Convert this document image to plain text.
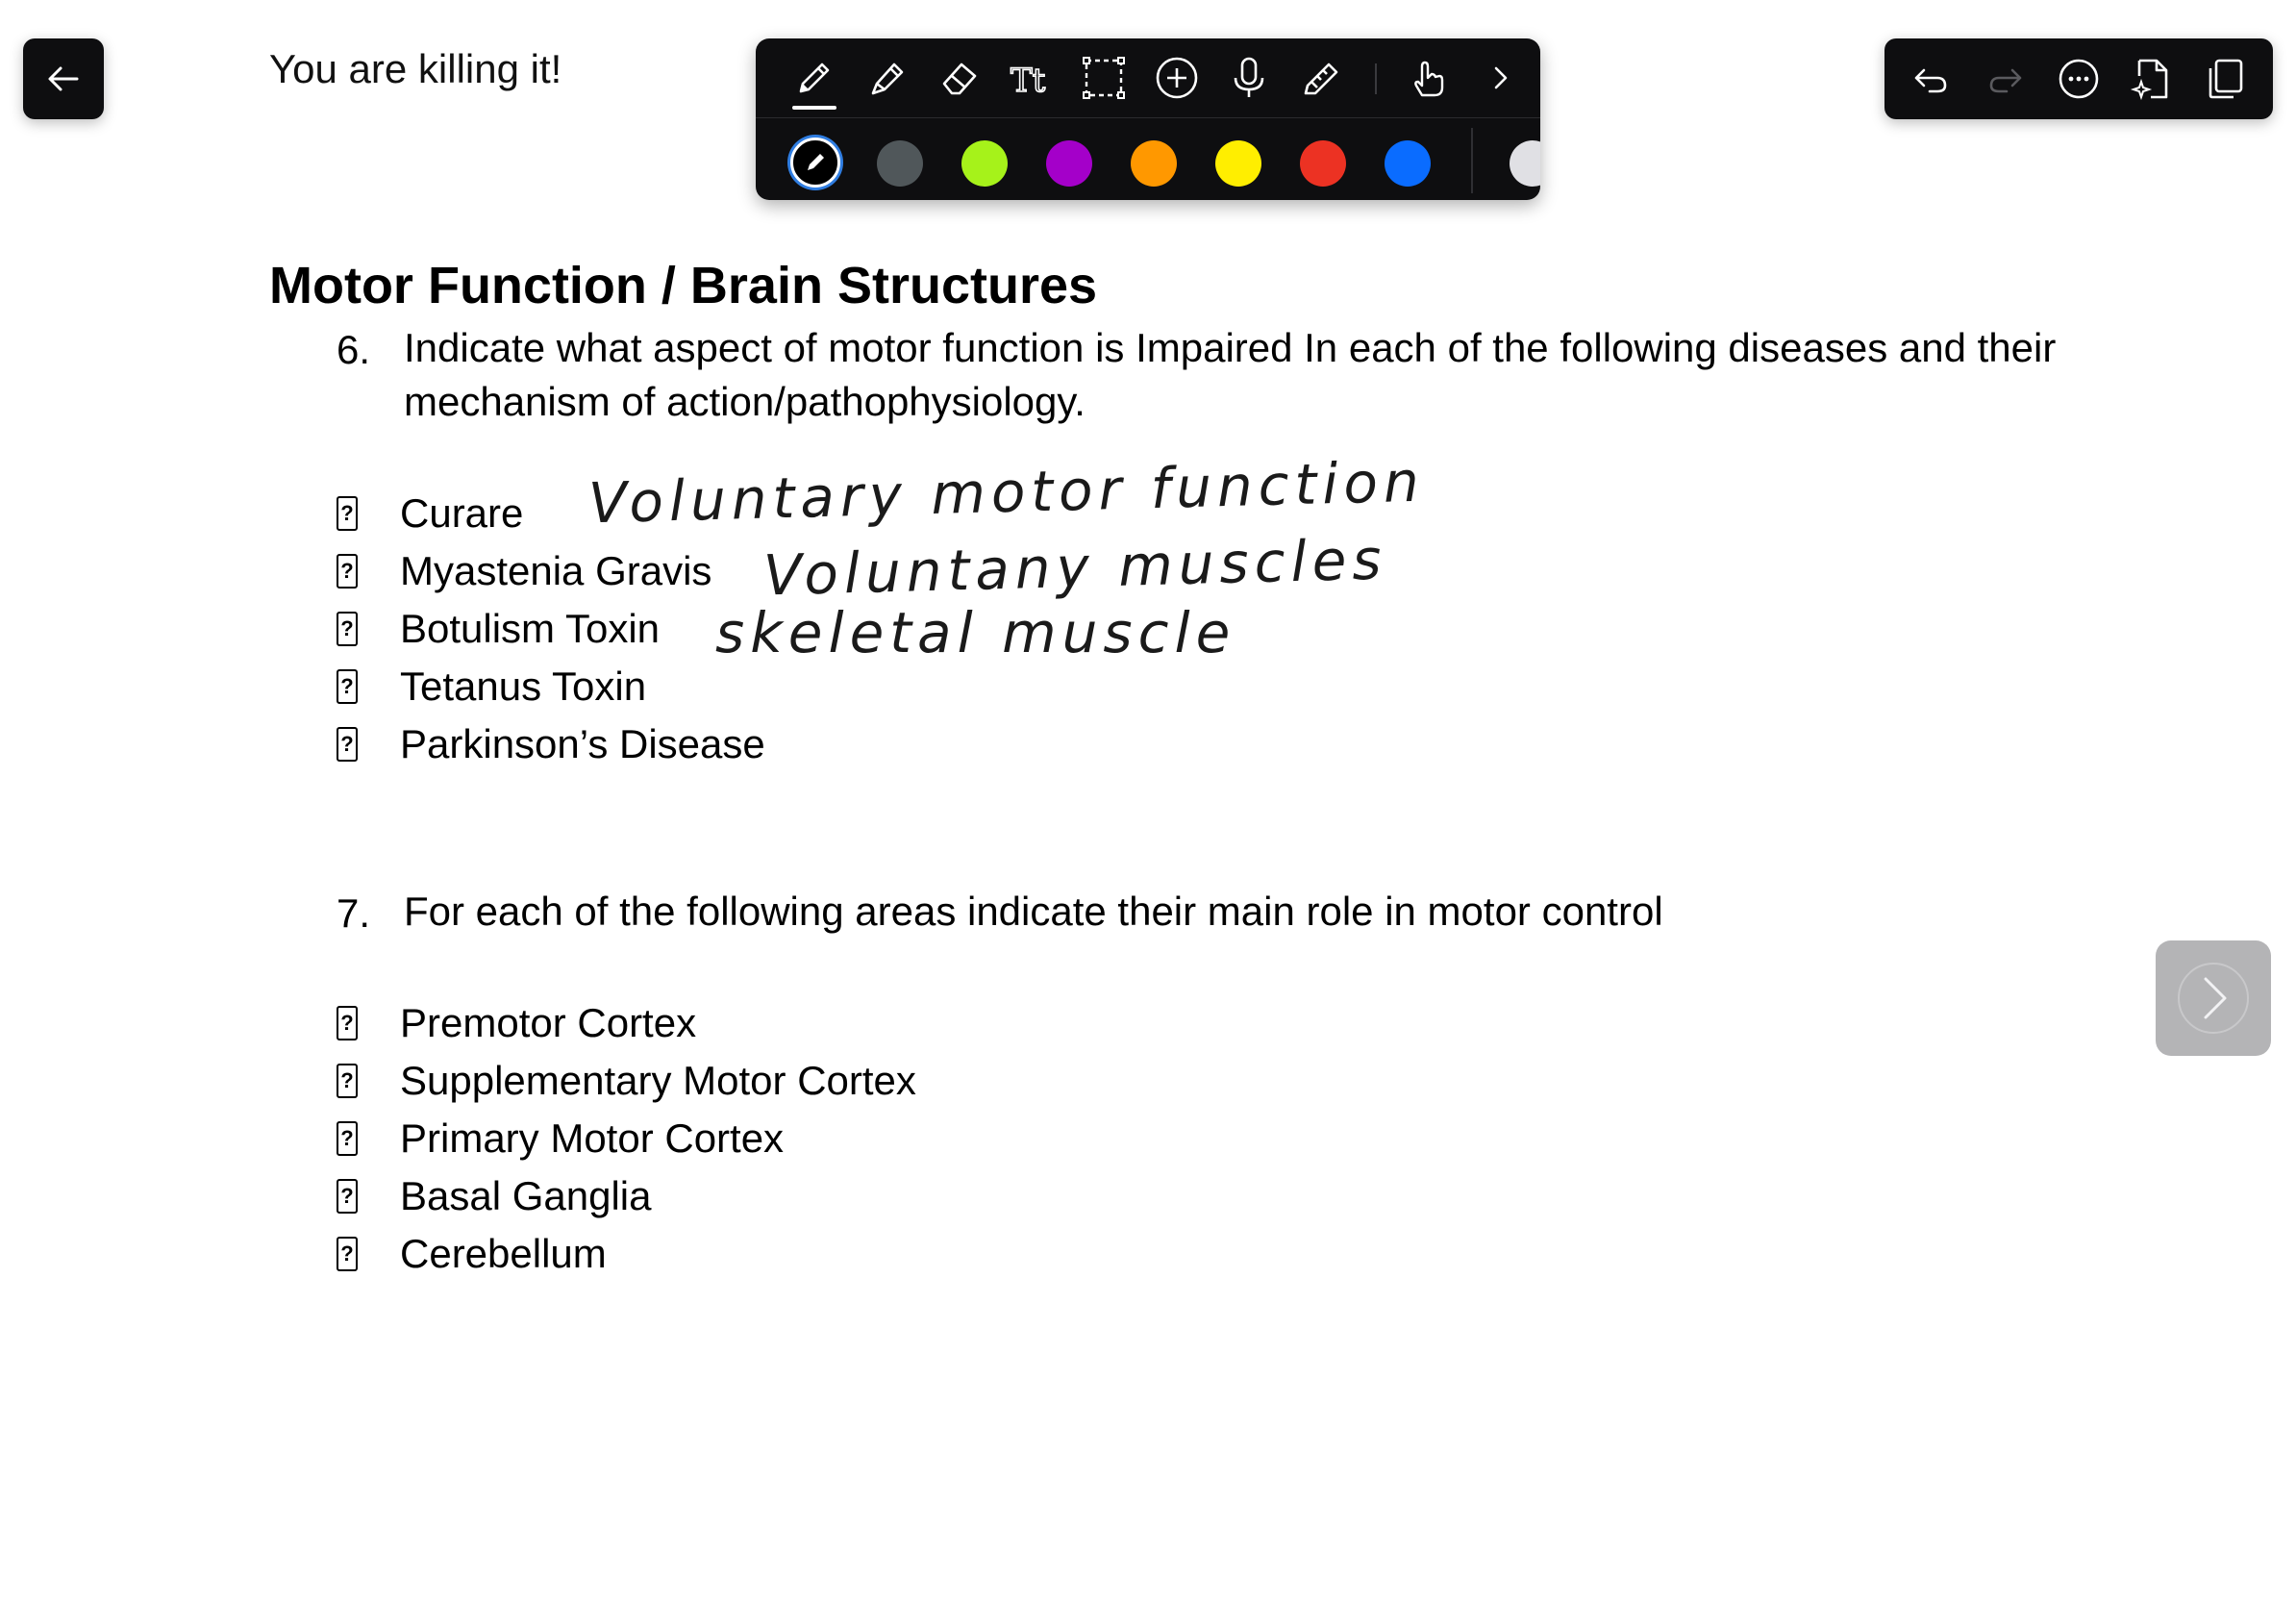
You are killing it!	Tt
Motor Function / Brain Structures
6. Indicate what aspect of motor function is Impaired In each of the following diseases and their mechanism of action/pathophysiology.
? Curare
? Myastenia Gravis
? Botulism Toxin
? Tetanus Toxin
? Parkinson’s Disease
Voluntary motor function
Voluntany muscles
skeletal muscle
7. For each of the following areas indicate their main role in motor control
? Premotor Cortex
? Supplementary Motor Cortex
? Primary Motor Cortex
? Basal Ganglia
? Cerebellum
